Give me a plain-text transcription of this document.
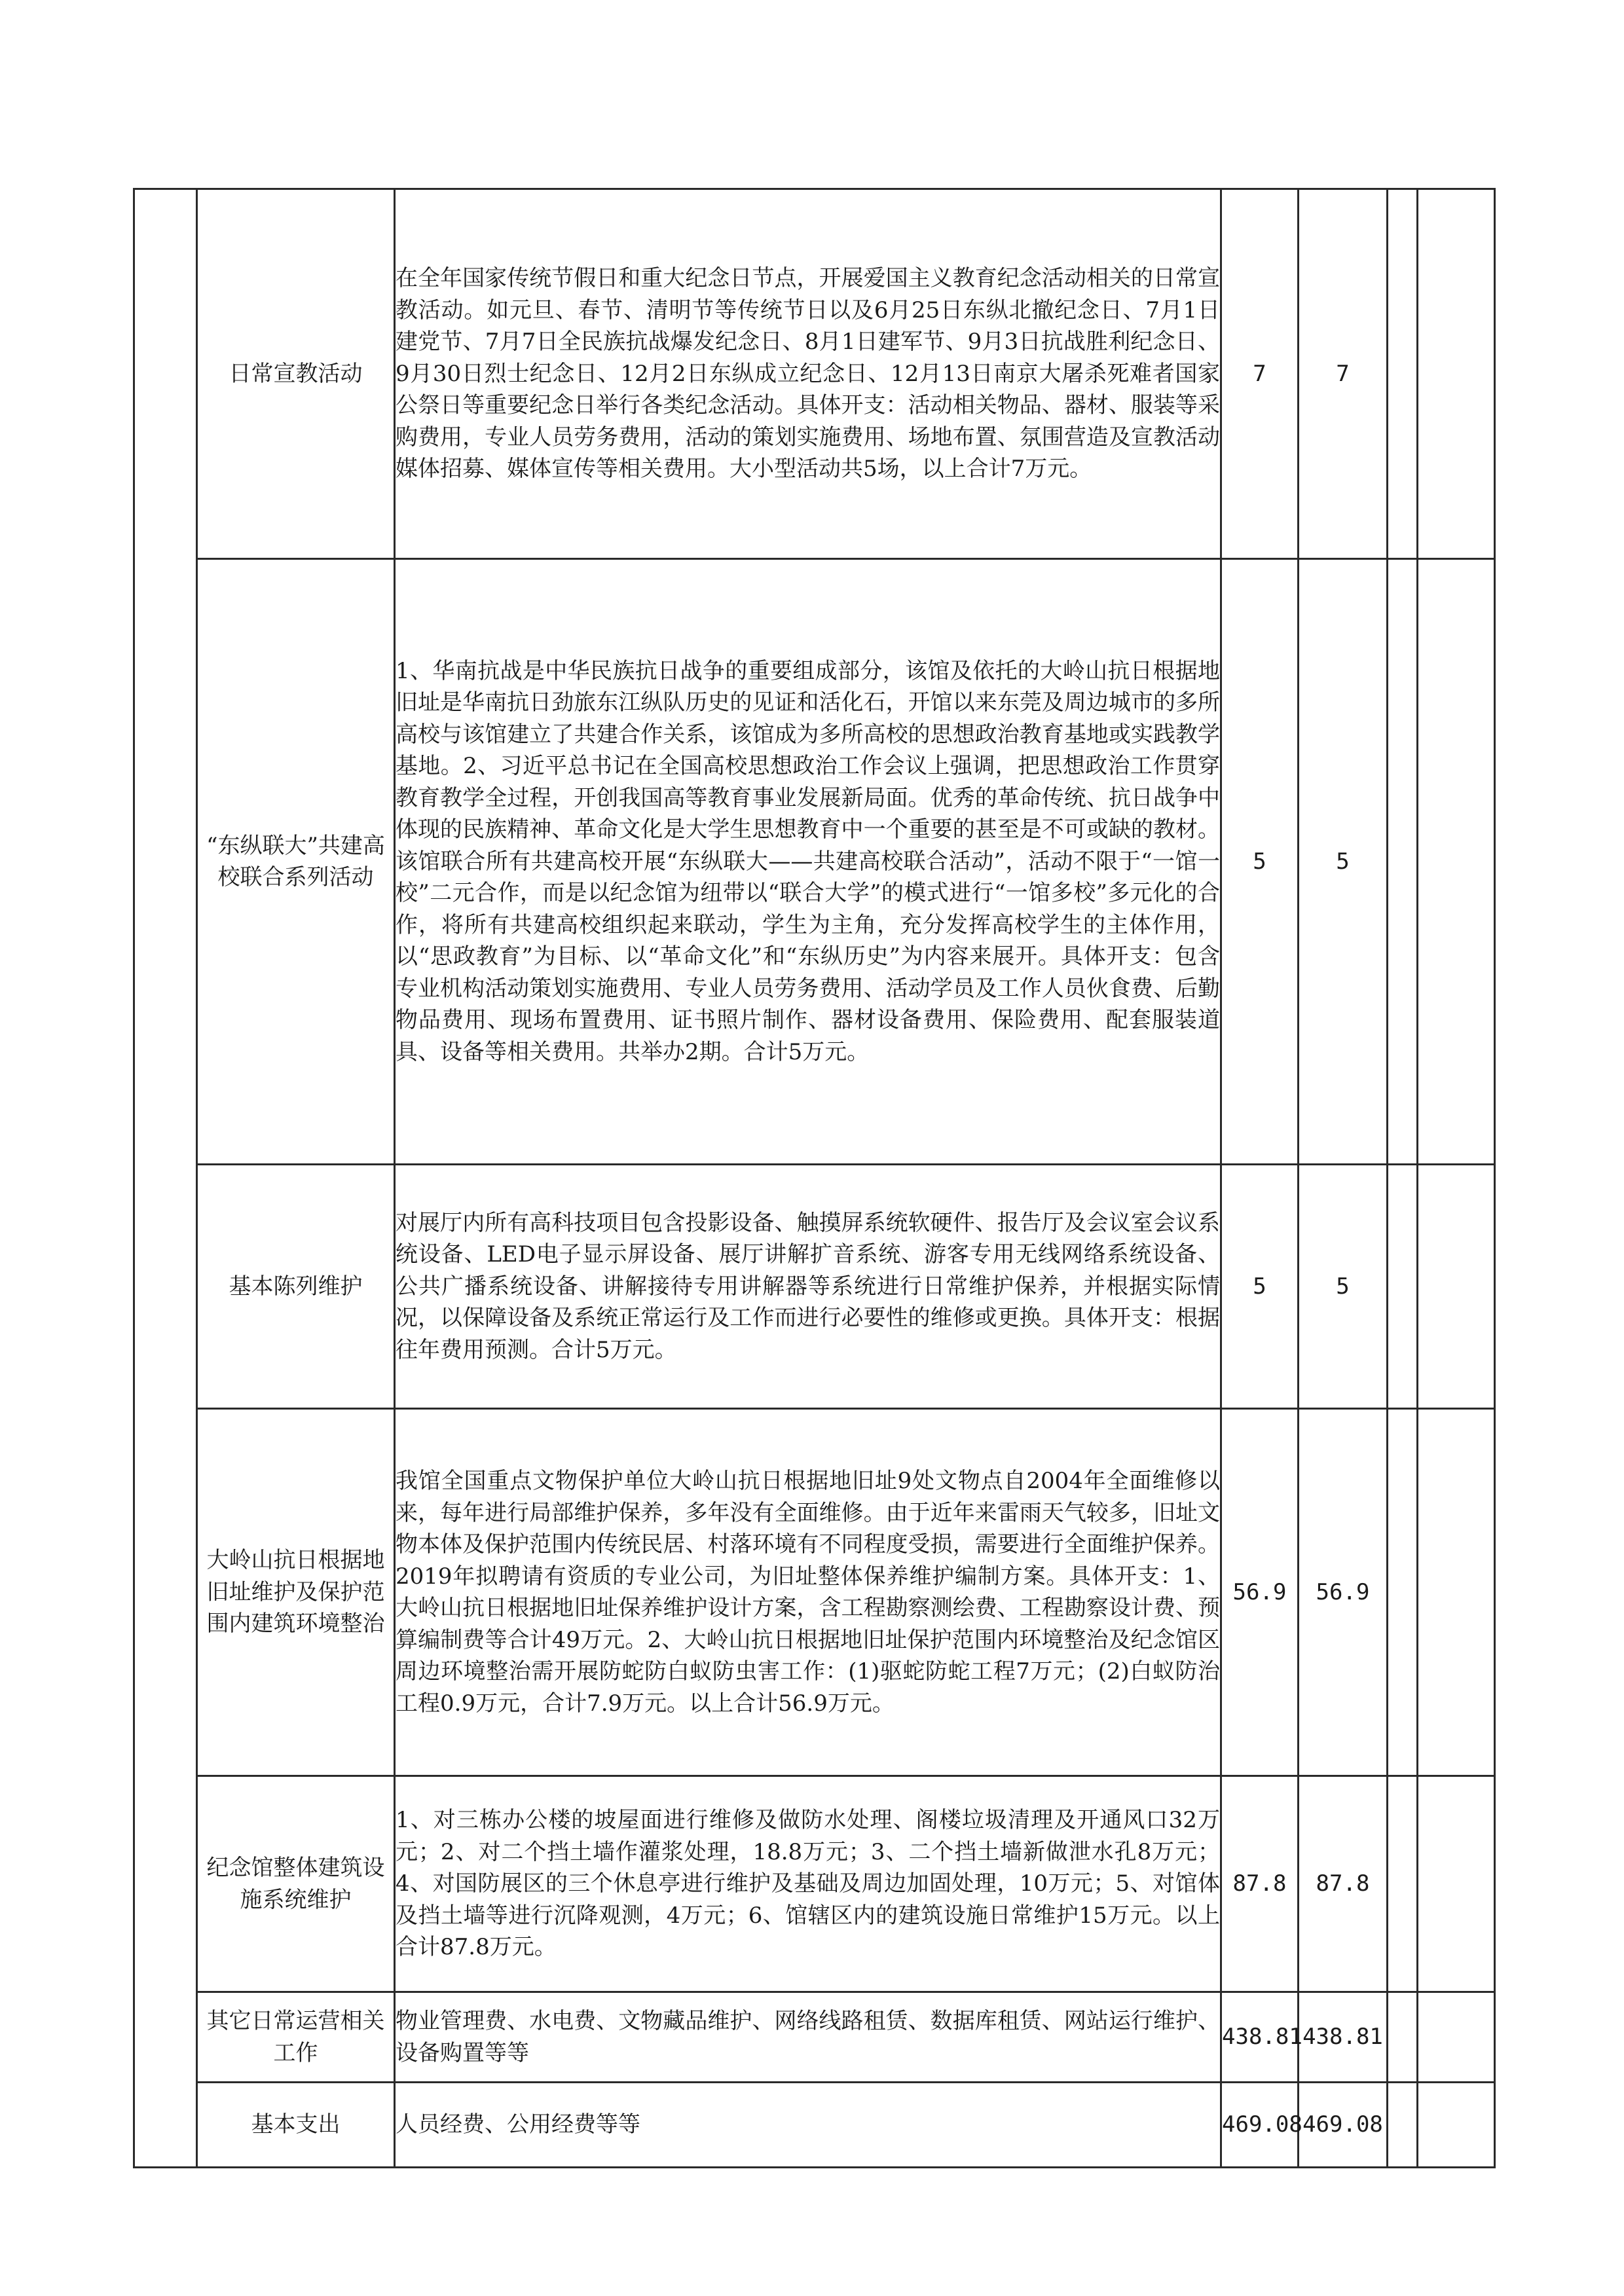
	日常宣教活动	在全年国家传统节假日和重大纪念日节点，开展爱国主义教育纪念活动相关的日常宣教活动。如元旦、春节、清明节等传统节日以及6月25日东纵北撤纪念日、7月1日建党节、7月7日全民族抗战爆发纪念日、8月1日建军节、9月3日抗战胜利纪念日、9月30日烈士纪念日、12月2日东纵成立纪念日、12月13日南京大屠杀死难者国家公祭日等重要纪念日举行各类纪念活动。具体开支：活动相关物品、器材、服装等采购费用，专业人员劳务费用，活动的策划实施费用、场地布置、氛围营造及宣教活动媒体招募、媒体宣传等相关费用。大小型活动共5场，以上合计7万元。	7	7		

	“东纵联大”共建高校联合系列活动	1、华南抗战是中华民族抗日战争的重要组成部分，该馆及依托的大岭山抗日根据地旧址是华南抗日劲旅东江纵队历史的见证和活化石，开馆以来东莞及周边城市的多所高校与该馆建立了共建合作关系，该馆成为多所高校的思想政治教育基地或实践教学基地。2、习近平总书记在全国高校思想政治工作会议上强调，把思想政治工作贯穿教育教学全过程，开创我国高等教育事业发展新局面。优秀的革命传统、抗日战争中体现的民族精神、革命文化是大学生思想教育中一个重要的甚至是不可或缺的教材。该馆联合所有共建高校开展“东纵联大——共建高校联合活动”，活动不限于“一馆一校”二元合作，而是以纪念馆为纽带以“联合大学”的模式进行“一馆多校”多元化的合作，将所有共建高校组织起来联动，学生为主角，充分发挥高校学生的主体作用，以“思政教育”为目标、以“革命文化”和“东纵历史”为内容来展开。具体开支：包含专业机构活动策划实施费用、专业人员劳务费用、活动学员及工作人员伙食费、后勤物品费用、现场布置费用、证书照片制作、器材设备费用、保险费用、配套服装道具、设备等相关费用。共举办2期。合计5万元。	5	5		

	基本陈列维护	对展厅内所有高科技项目包含投影设备、触摸屏系统软硬件、报告厅及会议室会议系统设备、LED电子显示屏设备、展厅讲解扩音系统、游客专用无线网络系统设备、公共广播系统设备、讲解接待专用讲解器等系统进行日常维护保养，并根据实际情况，以保障设备及系统正常运行及工作而进行必要性的维修或更换。具体开支：根据往年费用预测。合计5万元。	5	5		

	大岭山抗日根据地旧址维护及保护范围内建筑环境整治	我馆全国重点文物保护单位大岭山抗日根据地旧址9处文物点自2004年全面维修以来，每年进行局部维护保养，多年没有全面维修。由于近年来雷雨天气较多，旧址文物本体及保护范围内传统民居、村落环境有不同程度受损，需要进行全面维护保养。2019年拟聘请有资质的专业公司，为旧址整体保养维护编制方案。具体开支：1、大岭山抗日根据地旧址保养维护设计方案，含工程勘察测绘费、工程勘察设计费、预算编制费等合计49万元。2、大岭山抗日根据地旧址保护范围内环境整治及纪念馆区周边环境整治需开展防蛇防白蚁防虫害工作：(1)驱蛇防蛇工程7万元；(2)白蚁防治工程0.9万元，合计7.9万元。以上合计56.9万元。	56.9	56.9		

	纪念馆整体建筑设施系统维护	1、对三栋办公楼的坡屋面进行维修及做防水处理、阁楼垃圾清理及开通风口32万元；2、对二个挡土墙作灌浆处理，18.8万元；3、二个挡土墙新做泄水孔8万元；4、对国防展区的三个休息亭进行维护及基础及周边加固处理，10万元；5、对馆体及挡土墙等进行沉降观测，4万元；6、馆辖区内的建筑设施日常维护15万元。以上合计87.8万元。	87.8	87.8		

	其它日常运营相关工作	物业管理费、水电费、文物藏品维护、网络线路租赁、数据库租赁、网站运行维护、设备购置等等	438.81	438.81		

	基本支出	人员经费、公用经费等等	469.08	469.08		
